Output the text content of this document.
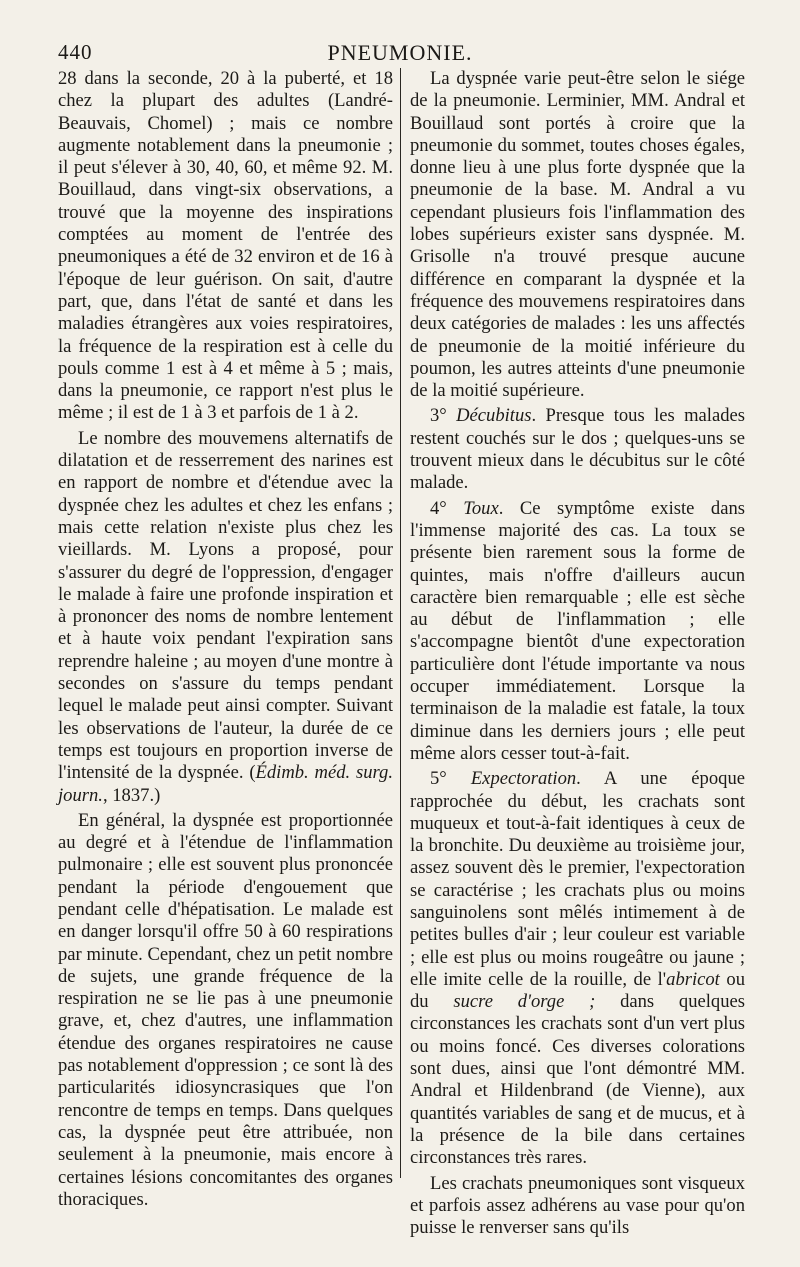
440	PNEUMONIE.

28 dans la seconde, 20 à la puberté, et 18 chez la plupart des adultes (Landré-Beauvais, Chomel) ; mais ce nombre augmente notablement dans la pneumonie ; il peut s'élever à 30, 40, 60, et même 92. M. Bouillaud, dans vingt-six observations, a trouvé que la moyenne des inspirations comptées au moment de l'entrée des pneumoniques a été de 32 environ et de 16 à l'époque de leur guérison. On sait, d'autre part, que, dans l'état de santé et dans les maladies étrangères aux voies respiratoires, la fréquence de la respiration est à celle du pouls comme 1 est à 4 et même à 5 ; mais, dans la pneumonie, ce rapport n'est plus le même ; il est de 1 à 3 et parfois de 1 à 2.

Le nombre des mouvemens alternatifs de dilatation et de resserrement des narines est en rapport de nombre et d'étendue avec la dyspnée chez les adultes et chez les enfans ; mais cette relation n'existe plus chez les vieillards. M. Lyons a proposé, pour s'assurer du degré de l'oppression, d'engager le malade à faire une profonde inspiration et à prononcer des noms de nombre lentement et à haute voix pendant l'expiration sans reprendre haleine ; au moyen d'une montre à secondes on s'assure du temps pendant lequel le malade peut ainsi compter. Suivant les observations de l'auteur, la durée de ce temps est toujours en proportion inverse de l'intensité de la dyspnée. (Édimb. méd. surg. journ., 1837.)

En général, la dyspnée est proportionnée au degré et à l'étendue de l'inflammation pulmonaire ; elle est souvent plus prononcée pendant la période d'engouement que pendant celle d'hépatisation. Le malade est en danger lorsqu'il offre 50 à 60 respirations par minute. Cependant, chez un petit nombre de sujets, une grande fréquence de la respiration ne se lie pas à une pneumonie grave, et, chez d'autres, une inflammation étendue des organes respiratoires ne cause pas notablement d'oppression ; ce sont là des particularités idiosyncrasiques que l'on rencontre de temps en temps. Dans quelques cas, la dyspnée peut être attribuée, non seulement à la pneumonie, mais encore à certaines lésions concomitantes des organes thoraciques.

La dyspnée varie peut-être selon le siége de la pneumonie. Lerminier, MM. Andral et Bouillaud sont portés à croire que la pneumonie du sommet, toutes choses égales, donne lieu à une plus forte dyspnée que la pneumonie de la base. M. Andral a vu cependant plusieurs fois l'inflammation des lobes supérieurs exister sans dyspnée. M. Grisolle n'a trouvé presque aucune différence en comparant la dyspnée et la fréquence des mouvemens respiratoires dans deux catégories de malades : les uns affectés de pneumonie de la moitié inférieure du poumon, les autres atteints d'une pneumonie de la moitié supérieure.

3° Décubitus. Presque tous les malades restent couchés sur le dos ; quelques-uns se trouvent mieux dans le décubitus sur le côté malade.

4° Toux. Ce symptôme existe dans l'immense majorité des cas. La toux se présente bien rarement sous la forme de quintes, mais n'offre d'ailleurs aucun caractère bien remarquable ; elle est sèche au début de l'inflammation ; elle s'accompagne bientôt d'une expectoration particulière dont l'étude importante va nous occuper immédiatement. Lorsque la terminaison de la maladie est fatale, la toux diminue dans les derniers jours ; elle peut même alors cesser tout-à-fait.

5° Expectoration. A une époque rapprochée du début, les crachats sont muqueux et tout-à-fait identiques à ceux de la bronchite. Du deuxième au troisième jour, assez souvent dès le premier, l'expectoration se caractérise ; les crachats plus ou moins sanguinolens sont mêlés intimement à de petites bulles d'air ; leur couleur est variable ; elle est plus ou moins rougeâtre ou jaune ; elle imite celle de la rouille, de l'abricot ou du sucre d'orge ; dans quelques circonstances les crachats sont d'un vert plus ou moins foncé. Ces diverses colorations sont dues, ainsi que l'ont démontré MM. Andral et Hildenbrand (de Vienne), aux quantités variables de sang et de mucus, et à la présence de la bile dans certaines circonstances très rares.

Les crachats pneumoniques sont visqueux et parfois assez adhérens au vase pour qu'on puisse le renverser sans qu'ils
